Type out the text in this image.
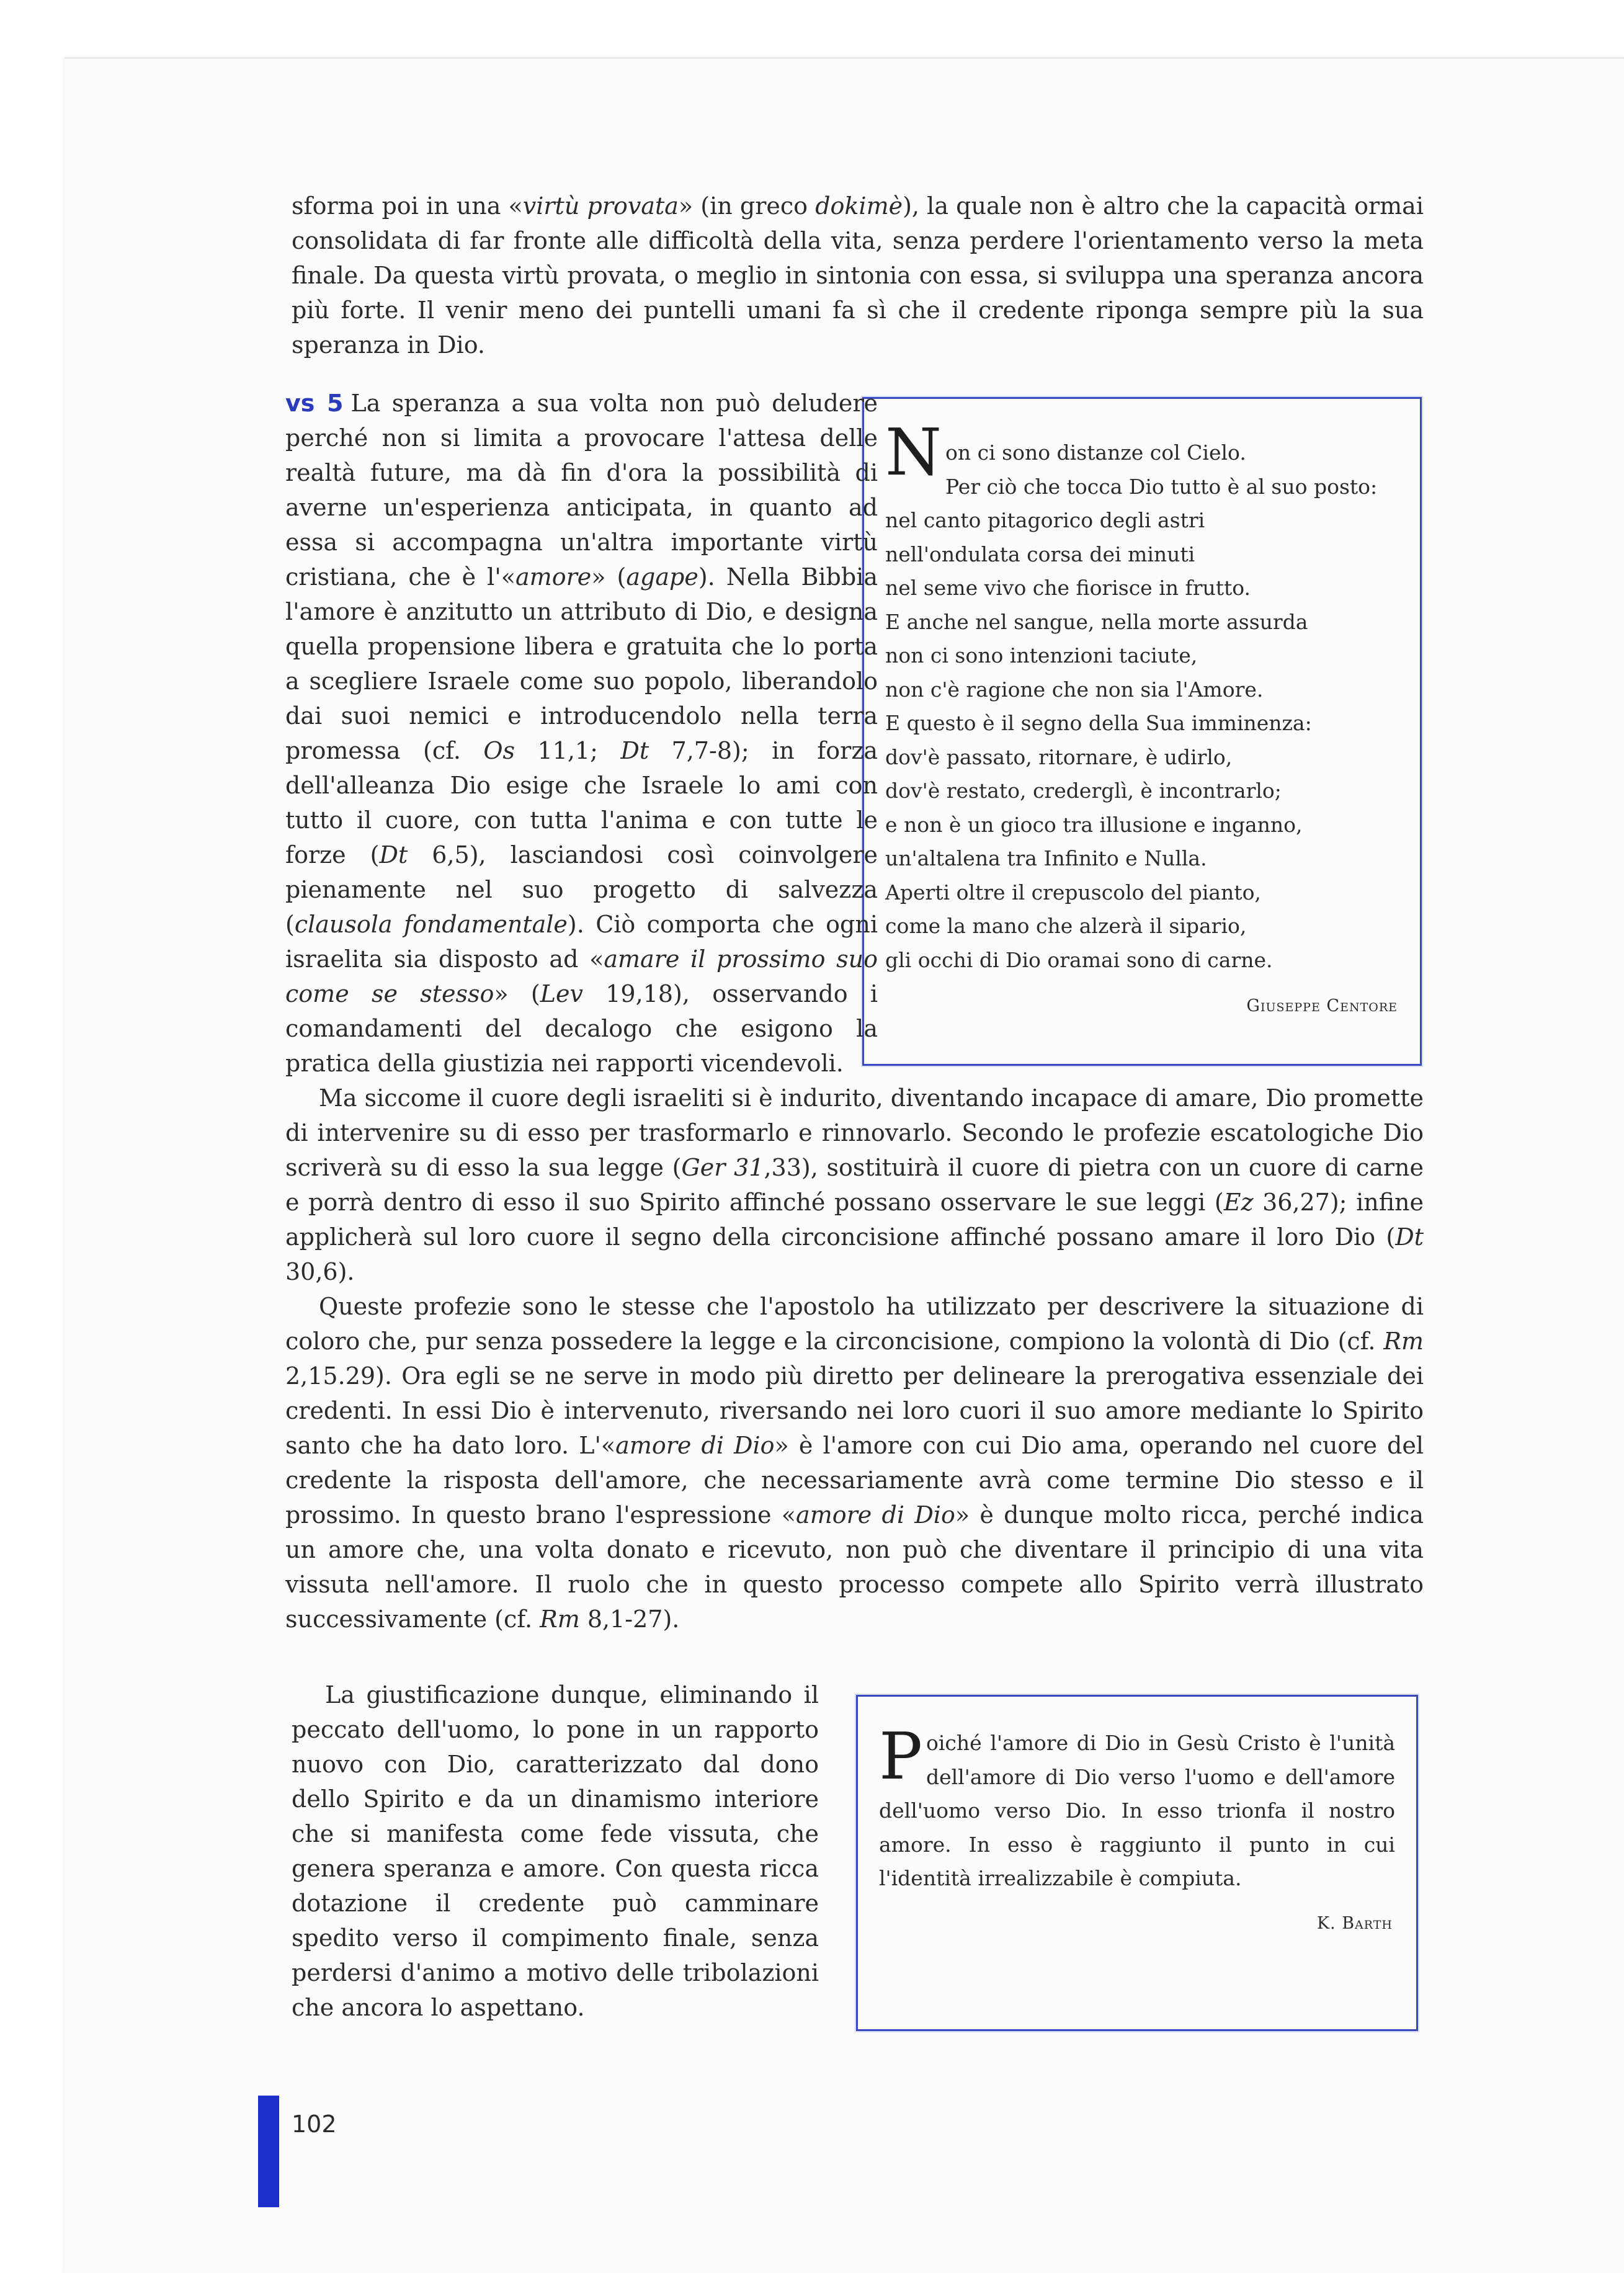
sforma poi in una «virtù provata» (in greco dokimè), la quale non è altro che la capacità ormai consolidata di far fronte alle difficoltà della vita, senza perdere l'orientamento verso la meta finale. Da questa virtù provata, o meglio in sintonia con essa, si sviluppa una speranza ancora più forte. Il venir meno dei puntelli umani fa sì che il credente riponga sempre più la sua speranza in Dio.

N on ci sono distanze col Cielo.
Per ciò che tocca Dio tutto è al suo posto:
nel canto pitagorico degli astri
nell'ondulata corsa dei minuti
nel seme vivo che fiorisce in frutto.
E anche nel sangue, nella morte assurda
non ci sono intenzioni taciute,
non c'è ragione che non sia l'Amore.
E questo è il segno della Sua imminenza:
dov'è passato, ritornare, è udirlo,
dov'è restato, crederglì, è incontrarlo;
e non è un gioco tra illusione e inganno,
un'altalena tra Infinito e Nulla.
Aperti oltre il crepuscolo del pianto,
come la mano che alzerà il sipario,
gli occhi di Dio oramai sono di carne.
Giuseppe Centore

vs 5 La speranza a sua volta non può deludere perché non si limita a provocare l'attesa delle realtà future, ma dà fin d'ora la possibilità di averne un'esperienza anticipata, in quanto ad essa si accompagna un'altra importante virtù cristiana, che è l'«amore» (agape). Nella Bibbia l'amore è anzitutto un attributo di Dio, e designa quella propensione libera e gratuita che lo porta a scegliere Israele come suo popolo, liberandolo dai suoi nemici e introducendolo nella terra promessa (cf. Os 11,1; Dt 7,7-8); in forza dell'alleanza Dio esige che Israele lo ami con tutto il cuore, con tutta l'anima e con tutte le forze (Dt 6,5), lasciandosi così coinvolgere pienamente nel suo progetto di salvezza (clausola fondamentale). Ciò comporta che ogni israelita sia disposto ad «amare il prossimo suo come se stesso» (Lev 19,18), osservando i comandamenti del decalogo che esigono la pratica della giustizia nei rapporti vicendevoli.

Ma siccome il cuore degli israeliti si è indurito, diventando incapace di amare, Dio promette di intervenire su di esso per trasformarlo e rinnovarlo. Secondo le profezie escatologiche Dio scriverà su di esso la sua legge (Ger 31,33), sostituirà il cuore di pietra con un cuore di carne e porrà dentro di esso il suo Spirito affinché possano osservare le sue leggi (Ez 36,27); infine applicherà sul loro cuore il segno della circoncisione affinché possano amare il loro Dio (Dt 30,6).

Queste profezie sono le stesse che l'apostolo ha utilizzato per descrivere la situazione di coloro che, pur senza possedere la legge e la circoncisione, compiono la volontà di Dio (cf. Rm 2,15.29). Ora egli se ne serve in modo più diretto per delineare la prerogativa essenziale dei credenti. In essi Dio è intervenuto, riversando nei loro cuori il suo amore mediante lo Spirito santo che ha dato loro. L'«amore di Dio» è l'amore con cui Dio ama, operando nel cuore del credente la risposta dell'amore, che necessariamente avrà come termine Dio stesso e il prossimo. In questo brano l'espressione «amore di Dio» è dunque molto ricca, perché indica un amore che, una volta donato e ricevuto, non può che diventare il principio di una vita vissuta nell'amore. Il ruolo che in questo processo compete allo Spirito verrà illustrato successivamente (cf. Rm 8,1-27).

La giustificazione dunque, eliminando il peccato dell'uomo, lo pone in un rapporto nuovo con Dio, caratterizzato dal dono dello Spirito e da un dinamismo interiore che si manifesta come fede vissuta, che genera speranza e amore. Con questa ricca dotazione il credente può camminare spedito verso il compimento finale, senza perdersi d'animo a motivo delle tribolazioni che ancora lo aspettano.

P oiché l'amore di Dio in Gesù Cristo è l'unità dell'amore di Dio verso l'uomo e dell'amore dell'uomo verso Dio. In esso trionfa il nostro amore. In esso è raggiunto il punto in cui l'identità irrealizzabile è compiuta.
K. Barth
102
